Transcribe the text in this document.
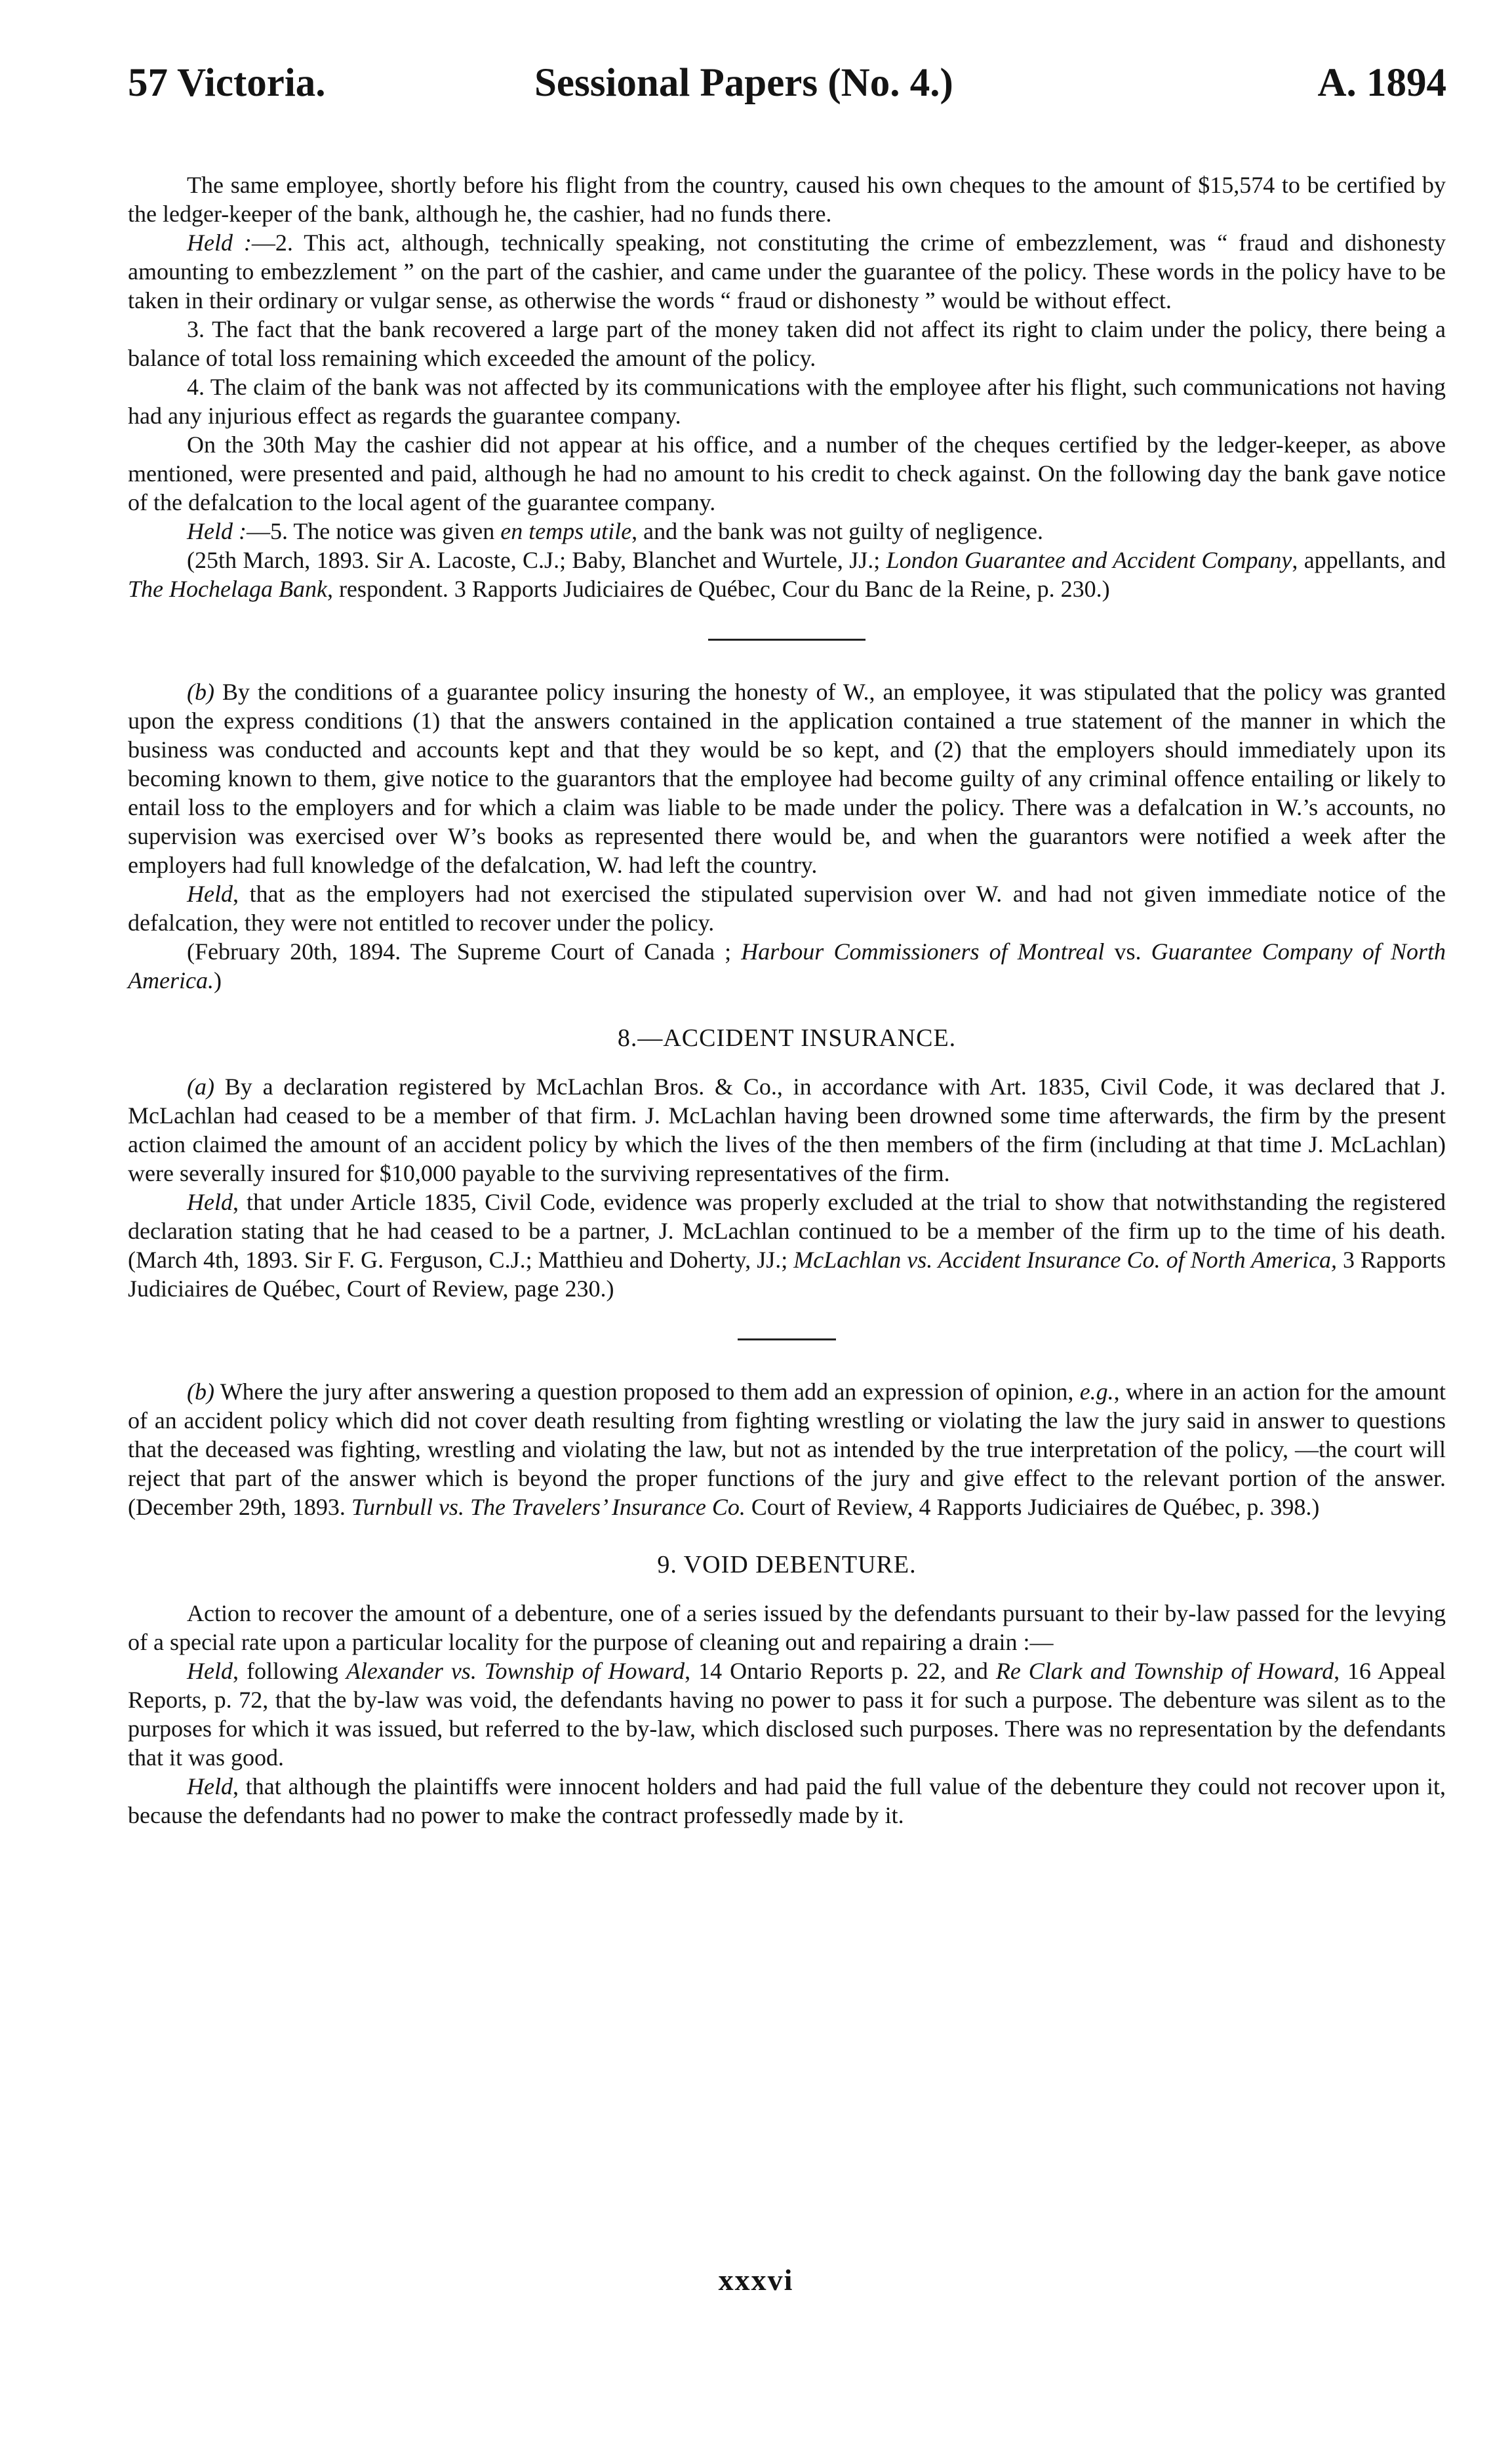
57 Victoria.	Sessional Papers (No. 4.)	A. 1894

The same employee, shortly before his flight from the country, caused his own cheques to the amount of $15,574 to be certified by the ledger-keeper of the bank, although he, the cashier, had no funds there.

Held :—2. This act, although, technically speaking, not constituting the crime of embezzlement, was “ fraud and dishonesty amounting to embezzlement ” on the part of the cashier, and came under the guarantee of the policy. These words in the policy have to be taken in their ordinary or vulgar sense, as otherwise the words “ fraud or dishonesty ” would be without effect.

3. The fact that the bank recovered a large part of the money taken did not affect its right to claim under the policy, there being a balance of total loss remaining which exceeded the amount of the policy.

4. The claim of the bank was not affected by its communications with the employee after his flight, such communications not having had any injurious effect as regards the guarantee company.

On the 30th May the cashier did not appear at his office, and a number of the cheques certified by the ledger-keeper, as above mentioned, were presented and paid, although he had no amount to his credit to check against. On the following day the bank gave notice of the defalcation to the local agent of the guarantee company.

Held :—5. The notice was given en temps utile, and the bank was not guilty of negligence.

(25th March, 1893. Sir A. Lacoste, C.J.; Baby, Blanchet and Wurtele, JJ.; London Guarantee and Accident Company, appellants, and The Hochelaga Bank, respondent. 3 Rapports Judiciaires de Québec, Cour du Banc de la Reine, p. 230.)

(b) By the conditions of a guarantee policy insuring the honesty of W., an employee, it was stipulated that the policy was granted upon the express conditions (1) that the answers contained in the application contained a true statement of the manner in which the business was conducted and accounts kept and that they would be so kept, and (2) that the employers should immediately upon its becoming known to them, give notice to the guarantors that the employee had become guilty of any criminal offence entailing or likely to entail loss to the employers and for which a claim was liable to be made under the policy. There was a defalcation in W.’s accounts, no supervision was exercised over W’s books as represented there would be, and when the guarantors were notified a week after the employers had full knowledge of the defalcation, W. had left the country.

Held, that as the employers had not exercised the stipulated supervision over W. and had not given immediate notice of the defalcation, they were not entitled to recover under the policy.

(February 20th, 1894. The Supreme Court of Canada ; Harbour Commissioners of Montreal vs. Guarantee Company of North America.)

8.—ACCIDENT INSURANCE.

(a) By a declaration registered by McLachlan Bros. & Co., in accordance with Art. 1835, Civil Code, it was declared that J. McLachlan had ceased to be a member of that firm. J. McLachlan having been drowned some time afterwards, the firm by the present action claimed the amount of an accident policy by which the lives of the then members of the firm (including at that time J. McLachlan) were severally insured for $10,000 payable to the surviving representatives of the firm.

Held, that under Article 1835, Civil Code, evidence was properly excluded at the trial to show that notwithstanding the registered declaration stating that he had ceased to be a partner, J. McLachlan continued to be a member of the firm up to the time of his death. (March 4th, 1893. Sir F. G. Ferguson, C.J.; Matthieu and Doherty, JJ.; McLachlan vs. Accident Insurance Co. of North America, 3 Rapports Judiciaires de Québec, Court of Review, page 230.)

(b) Where the jury after answering a question proposed to them add an expression of opinion, e.g., where in an action for the amount of an accident policy which did not cover death resulting from fighting wrestling or violating the law the jury said in answer to questions that the deceased was fighting, wrestling and violating the law, but not as intended by the true interpretation of the policy, —the court will reject that part of the answer which is beyond the proper functions of the jury and give effect to the relevant portion of the answer. (December 29th, 1893. Turnbull vs. The Travelers’ Insurance Co. Court of Review, 4 Rapports Judiciaires de Québec, p. 398.)

9. VOID DEBENTURE.

Action to recover the amount of a debenture, one of a series issued by the defendants pursuant to their by-law passed for the levying of a special rate upon a particular locality for the purpose of cleaning out and repairing a drain :—

Held, following Alexander vs. Township of Howard, 14 Ontario Reports p. 22, and Re Clark and Township of Howard, 16 Appeal Reports, p. 72, that the by-law was void, the defendants having no power to pass it for such a purpose. The debenture was silent as to the purposes for which it was issued, but referred to the by-law, which disclosed such purposes. There was no representation by the defendants that it was good.

Held, that although the plaintiffs were innocent holders and had paid the full value of the debenture they could not recover upon it, because the defendants had no power to make the contract professedly made by it.

xxxvi
